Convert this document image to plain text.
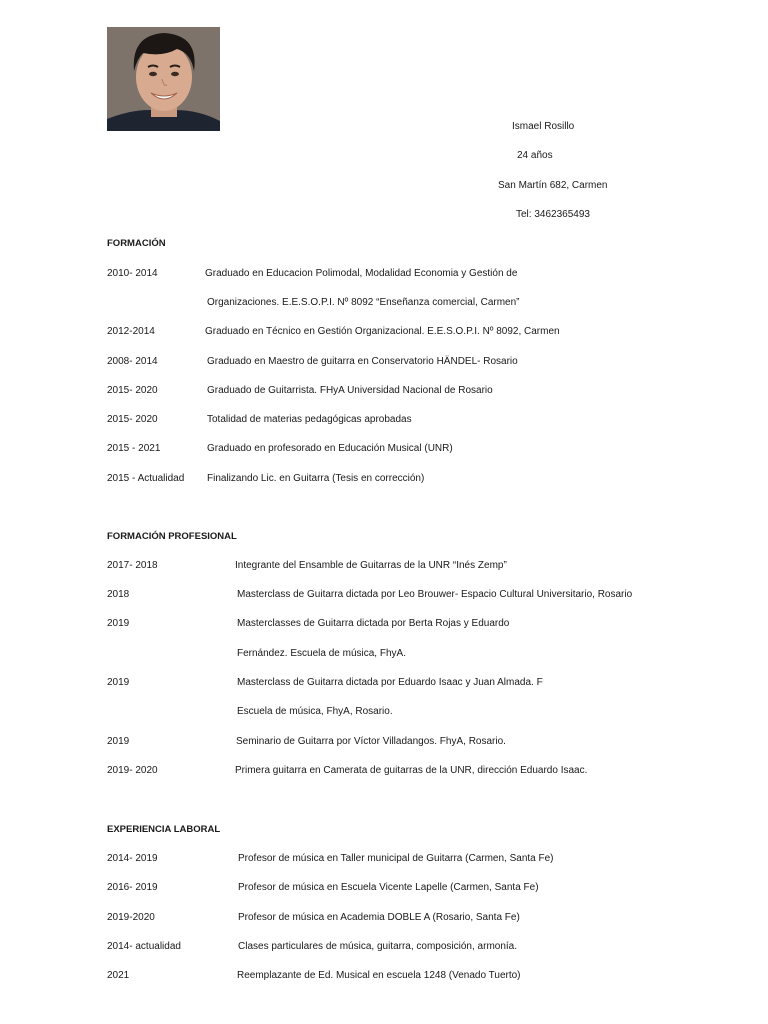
Ismael Rosillo
24 años
San Martín 682, Carmen
Tel: 3462365493
FORMACIÓN
2010- 2014	Graduado en Educacion Polimodal, Modalidad Economia y Gestión de
Organizaciones. E.E.S.O.P.I. Nº 8092 “Enseñanza comercial, Carmen”
2012-2014	Graduado en Técnico en Gestión Organizacional. E.E.S.O.P.I. Nº 8092, Carmen
2008- 2014	Graduado en Maestro de guitarra en Conservatorio HÄNDEL- Rosario
2015- 2020	Graduado de Guitarrista. FHyA Universidad Nacional de Rosario
2015- 2020	Totalidad de materias pedagógicas aprobadas
2015 - 2021	Graduado en profesorado en Educación Musical (UNR)
2015 - Actualidad Finalizando Lic. en Guitarra (Tesis en corrección)
FORMACIÓN PROFESIONAL
2017- 2018	Integrante del Ensamble de Guitarras de la UNR “Inés Zemp”
2018	Masterclass de Guitarra dictada por Leo Brouwer- Espacio Cultural Universitario, Rosario
2019	Masterclasses de Guitarra dictada por Berta Rojas y Eduardo
Fernández. Escuela de música, FhyA.
2019	Masterclass de Guitarra dictada por Eduardo Isaac y Juan Almada. F
Escuela de música, FhyA, Rosario.
2019	Seminario de Guitarra por Víctor Villadangos. FhyA, Rosario.
2019- 2020	Primera guitarra en Camerata de guitarras de la UNR, dirección Eduardo Isaac.
EXPERIENCIA LABORAL
2014- 2019	Profesor de música en Taller municipal de Guitarra (Carmen, Santa Fe)
2016- 2019	Profesor de música en Escuela Vicente Lapelle (Carmen, Santa Fe)
2019-2020	Profesor de música en Academia DOBLE A (Rosario, Santa Fe)
2014- actualidad	Clases particulares de música, guitarra, composición, armonía.
2021	Reemplazante de Ed. Musical en escuela 1248 (Venado Tuerto)
